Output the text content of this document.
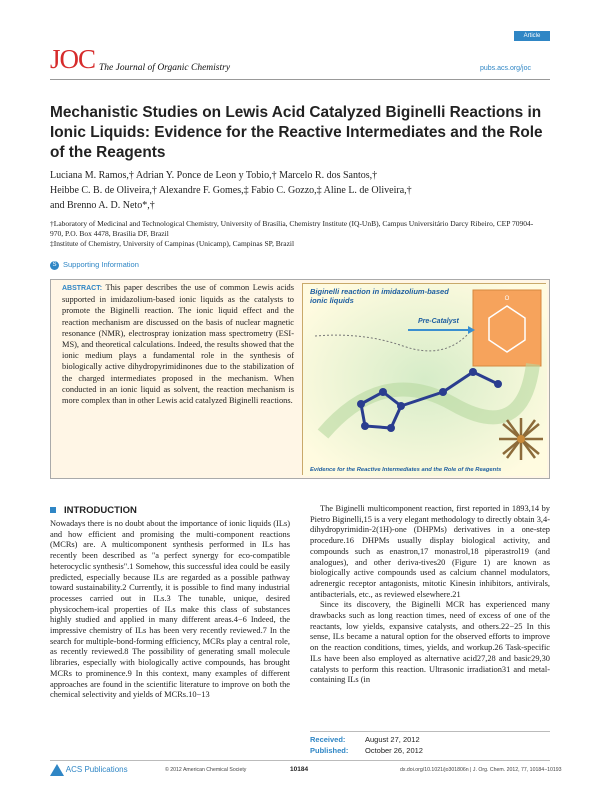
Article
JOC The Journal of Organic Chemistry	pubs.acs.org/joc
Mechanistic Studies on Lewis Acid Catalyzed Biginelli Reactions in Ionic Liquids: Evidence for the Reactive Intermediates and the Role of the Reagents
Luciana M. Ramos,† Adrian Y. Ponce de Leon y Tobio,† Marcelo R. dos Santos,†
Heibbe C. B. de Oliveira,† Alexandre F. Gomes,‡ Fabio C. Gozzo,‡ Aline L. de Oliveira,†
and Brenno A. D. Neto*,†
†Laboratory of Medicinal and Technological Chemistry, University of Brasília, Chemistry Institute (IQ-UnB), Campus Universitário Darcy Ribeiro, CEP 70904-970, P.O. Box 4478, Brasília DF, Brazil
‡Institute of Chemistry, University of Campinas (Unicamp), Campinas SP, Brazil
S Supporting Information
ABSTRACT: This paper describes the use of common Lewis acids supported in imidazolium-based ionic liquids as the catalysts to promote the Biginelli reaction. The ionic liquid effect and the reaction mechanism are discussed on the basis of nuclear magnetic resonance (NMR), electrospray ionization mass spectrometry (ESI-MS), and theoretical calculations. Indeed, the results showed that the ionic medium plays a fundamental role in the synthesis of biologically active dihydropyrimidinones due to the stabilization of the charged intermediates proposed in the mechanism. When conducted in an ionic liquid as solvent, the reaction mechanism is more complex than in other Lewis acid catalyzed Biginelli reactions.
O
Biginelli reaction in imidazolium-based ionic liquids
Pre-Catalyst
Evidence for the Reactive Intermediates and the Role of the Reagents
INTRODUCTION

Nowadays there is no doubt about the importance of ionic liquids (ILs) and how efficient and promising the multi-component reactions (MCRs) are. A multicomponent synthesis performed in ILs has recently been described as "a perfect synergy for eco-compatible heterocyclic synthesis".1 Somehow, this successful idea could be easily predicted, especially because ILs are regarded as a possible pathway toward sustainability.2 Currently, it is possible to find many industrial processes carried out in ILs.3 The tunable, unique, desired physicochem-ical properties of ILs make this class of substances highly studied and applied in many different areas.4−6 Indeed, the impressive chemistry of ILs has been very recently reviewed.7 In the search for multiple-bond-forming efficiency, MCRs play a central role, as recently reviewed.8 The possibility of generating small molecule libraries, especially with biologically active compounds, has brought MCRs to prominence.9 In this context, many examples of different approaches are found in the scientific literature to improve on both the chemical selectivity and yields of MCRs.10−13

The Biginelli multicomponent reaction, first reported in 1893,14 by Pietro Biginelli,15 is a very elegant methodology to directly obtain 3,4-dihydropyrimidin-2(1H)-one (DHPMs) derivatives in a one-step procedure.16 DHPMs usually display biological activity, and compounds such as enastron,17 monastrol,18 piperastrol19 (and analogues), and other deriva-tives20 (Figure 1) are known as biologically active compounds used as calcium channel modulators, adrenergic receptor antagonists, mitotic Kinesin inhibitors, antivirals, antibacterials, etc., as reviewed elsewhere.21

Since its discovery, the Biginelli MCR has experienced many drawbacks such as long reaction times, need of excess of one of the reactants, low yields, expansive catalysts, and others.22−25 In this sense, ILs became a natural option for the observed efforts to improve on the reaction conditions, times, yields, and workup.26 Task-specific ILs have been also employed as alternative acid27,28 and basic29,30 catalysts to perform this reaction. Ultrasonic irradiation31 and metal-containing ILs (in

Received:	August 27, 2012
Published: October 26, 2012
ACS Publications	© 2012 American Chemical Society	10184	dx.doi.org/10.1021/jo301806n | J. Org. Chem. 2012, 77, 10184−10193
